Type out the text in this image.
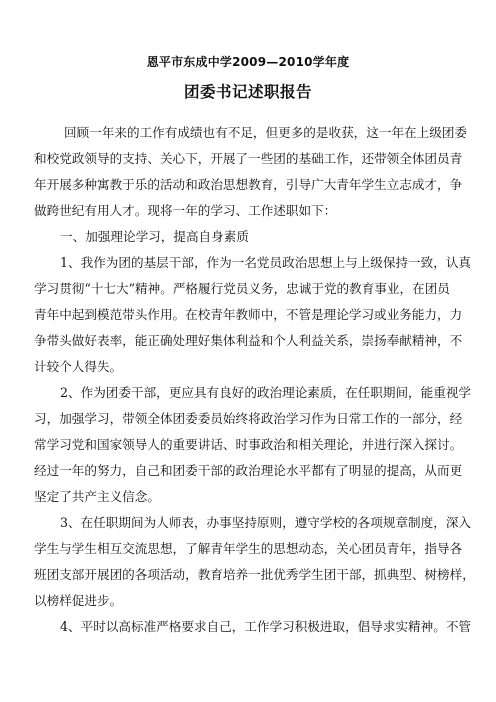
恩平市东成中学2009—2010学年度
团委书记述职报告
回顾一年来的工作有成绩也有不足，但更多的是收获，这一年在上级团委
和校党政领导的支持、关心下，开展了一些团的基础工作，还带领全体团员青
年开展多种寓教于乐的活动和政治思想教育，引导广大青年学生立志成才，争
做跨世纪有用人才。现将一年的学习、工作述职如下：
一、加强理论学习，提高自身素质
1、我作为团的基层干部，作为一名党员政治思想上与上级保持一致，认真
学习贯彻“十七大”精神。严格履行党员义务，忠诚于党的教育事业，在团员
青年中起到模范带头作用。在校青年教师中，不管是理论学习或业务能力，力
争带头做好表率，能正确处理好集体利益和个人利益关系，崇扬奉献精神，不
计较个人得失。
2、作为团委干部，更应具有良好的政治理论素质，在任职期间，能重视学
习，加强学习，带领全体团委委员始终将政治学习作为日常工作的一部分，经
常学习党和国家领导人的重要讲话、时事政治和相关理论，并进行深入探讨。
经过一年的努力，自己和团委干部的政治理论水平都有了明显的提高，从而更
坚定了共产主义信念。
3、在任职期间为人师表，办事坚持原则，遵守学校的各项规章制度，深入
学生与学生相互交流思想，了解青年学生的思想动态，关心团员青年，指导各
班团支部开展团的各项活动，教育培养一批优秀学生团干部，抓典型、树榜样，
以榜样促进步。
4、平时以高标准严格要求自己，工作学习积极进取，倡导求实精神。不管
